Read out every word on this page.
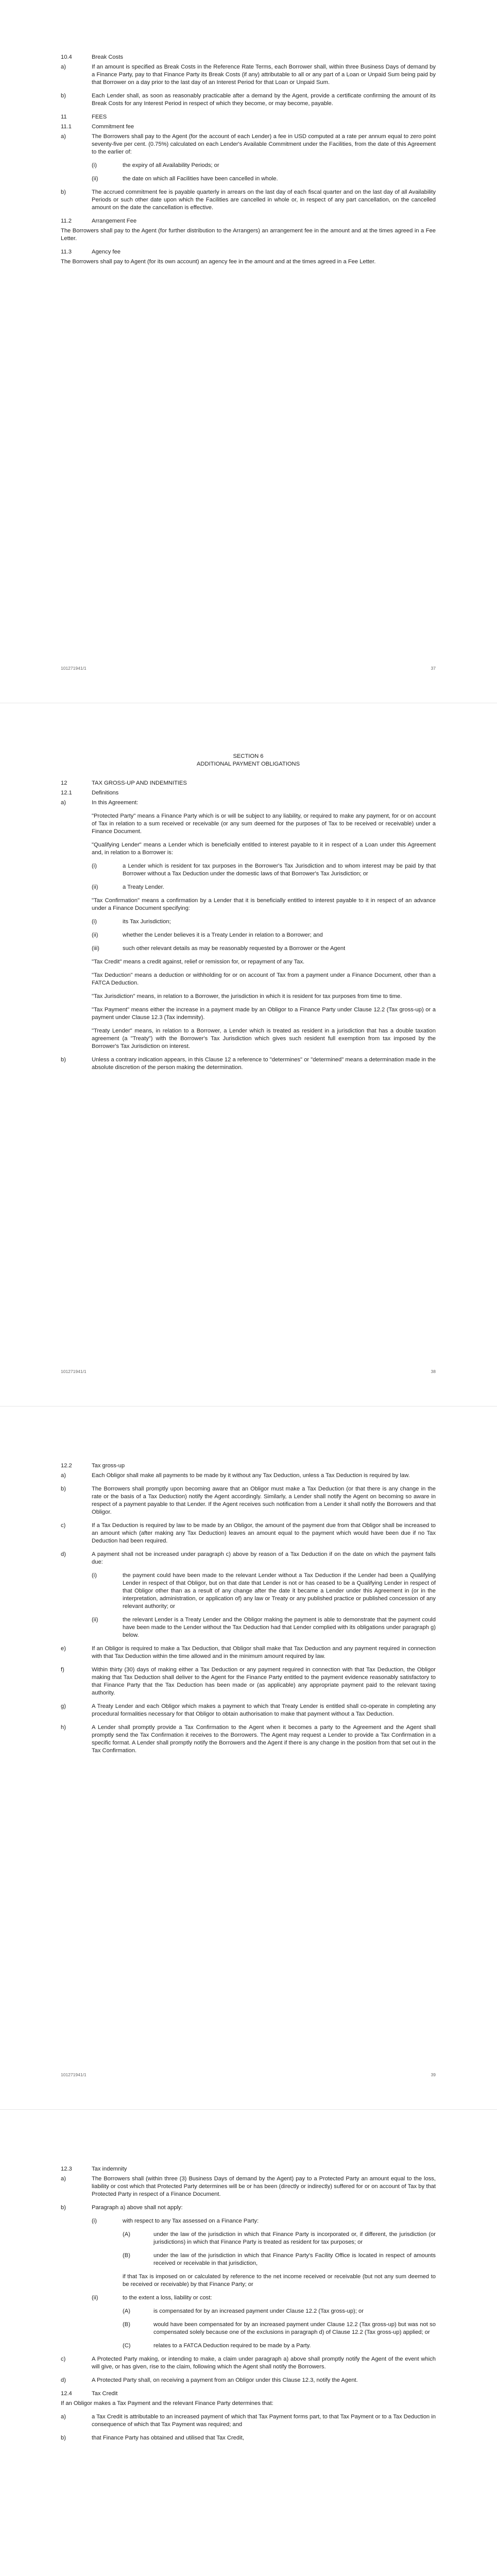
10.4	Break Costs
a)	If an amount is specified as Break Costs in the Reference Rate Terms, each Borrower shall, within three Business Days of demand by a Finance Party, pay to that Finance Party its Break Costs (if any) attributable to all or any part of a Loan or Unpaid Sum being paid by that Borrower on a day prior to the last day of an Interest Period for that Loan or Unpaid Sum.
b)	Each Lender shall, as soon as reasonably practicable after a demand by the Agent, provide a certificate confirming the amount of its Break Costs for any Interest Period in respect of which they become, or may become, payable.
11	FEES
11.1	Commitment fee
a)	The Borrowers shall pay to the Agent (for the account of each Lender) a fee in USD computed at a rate per annum equal to zero point seventy-five per cent. (0.75%) calculated on each Lender's Available Commitment under the Facilities, from the date of this Agreement to the earlier of:
(i)	the expiry of all Availability Periods; or
(ii)	the date on which all Facilities have been cancelled in whole.
b)	The accrued commitment fee is payable quarterly in arrears on the last day of each fiscal quarter and on the last day of all Availability Periods or such other date upon which the Facilities are cancelled in whole or, in respect of any part cancellation, on the cancelled amount on the date the cancellation is effective.
11.2	Arrangement Fee
The Borrowers shall pay to the Agent (for further distribution to the Arrangers) an arrangement fee in the amount and at the times agreed in a Fee Letter.
11.3	Agency fee
The Borrowers shall pay to Agent (for its own account) an agency fee in the amount and at the times agreed in a Fee Letter.
101271941/1	37
SECTION 6
ADDITIONAL PAYMENT OBLIGATIONS
12	TAX GROSS-UP AND INDEMNITIES
12.1	Definitions
a)	In this Agreement:
"Protected Party" means a Finance Party which is or will be subject to any liability, or required to make any payment, for or on account of Tax in relation to a sum received or receivable (or any sum deemed for the purposes of Tax to be received or receivable) under a Finance Document.
"Qualifying Lender" means a Lender which is beneficially entitled to interest payable to it in respect of a Loan under this Agreement and, in relation to a Borrower is:
(i)	a Lender which is resident for tax purposes in the Borrower's Tax Jurisdiction and to whom interest may be paid by that Borrower without a Tax Deduction under the domestic laws of that Borrower's Tax Jurisdiction; or
(ii)	a Treaty Lender.
"Tax Confirmation" means a confirmation by a Lender that it is beneficially entitled to interest payable to it in respect of an advance under a Finance Document specifying:
(i)	its Tax Jurisdiction;
(ii)	whether the Lender believes it is a Treaty Lender in relation to a Borrower; and
(iii)	such other relevant details as may be reasonably requested by a Borrower or the Agent
"Tax Credit" means a credit against, relief or remission for, or repayment of any Tax.
"Tax Deduction" means a deduction or withholding for or on account of Tax from a payment under a Finance Document, other than a FATCA Deduction.
"Tax Jurisdiction" means, in relation to a Borrower, the jurisdiction in which it is resident for tax purposes from time to time.
"Tax Payment" means either the increase in a payment made by an Obligor to a Finance Party under Clause 12.2 (Tax gross-up) or a payment under Clause 12.3 (Tax indemnity).
"Treaty Lender" means, in relation to a Borrower, a Lender which is treated as resident in a jurisdiction that has a double taxation agreement (a "Treaty") with the Borrower's Tax Jurisdiction which gives such resident full exemption from tax imposed by the Borrower's Tax Jurisdiction on interest.
b)	Unless a contrary indication appears, in this Clause 12 a reference to "determines" or "determined" means a determination made in the absolute discretion of the person making the determination.
101271941/1	38
12.2	Tax gross-up
a)	Each Obligor shall make all payments to be made by it without any Tax Deduction, unless a Tax Deduction is required by law.
b)	The Borrowers shall promptly upon becoming aware that an Obligor must make a Tax Deduction (or that there is any change in the rate or the basis of a Tax Deduction) notify the Agent accordingly. Similarly, a Lender shall notify the Agent on becoming so aware in respect of a payment payable to that Lender. If the Agent receives such notification from a Lender it shall notify the Borrowers and that Obligor.
c)	If a Tax Deduction is required by law to be made by an Obligor, the amount of the payment due from that Obligor shall be increased to an amount which (after making any Tax Deduction) leaves an amount equal to the payment which would have been due if no Tax Deduction had been required.
d)	A payment shall not be increased under paragraph c) above by reason of a Tax Deduction if on the date on which the payment falls due:
(i)	the payment could have been made to the relevant Lender without a Tax Deduction if the Lender had been a Qualifying Lender in respect of that Obligor, but on that date that Lender is not or has ceased to be a Qualifying Lender in respect of that Obligor other than as a result of any change after the date it became a Lender under this Agreement in (or in the interpretation, administration, or application of) any law or Treaty or any published practice or published concession of any relevant authority; or
(ii)	the relevant Lender is a Treaty Lender and the Obligor making the payment is able to demonstrate that the payment could have been made to the Lender without the Tax Deduction had that Lender complied with its obligations under paragraph g) below.
e)	If an Obligor is required to make a Tax Deduction, that Obligor shall make that Tax Deduction and any payment required in connection with that Tax Deduction within the time allowed and in the minimum amount required by law.
f)	Within thirty (30) days of making either a Tax Deduction or any payment required in connection with that Tax Deduction, the Obligor making that Tax Deduction shall deliver to the Agent for the Finance Party entitled to the payment evidence reasonably satisfactory to that Finance Party that the Tax Deduction has been made or (as applicable) any appropriate payment paid to the relevant taxing authority.
g)	A Treaty Lender and each Obligor which makes a payment to which that Treaty Lender is entitled shall co-operate in completing any procedural formalities necessary for that Obligor to obtain authorisation to make that payment without a Tax Deduction.
h)	A Lender shall promptly provide a Tax Confirmation to the Agent when it becomes a party to the Agreement and the Agent shall promptly send the Tax Confirmation it receives to the Borrowers. The Agent may request a Lender to provide a Tax Confirmation in a specific format. A Lender shall promptly notify the Borrowers and the Agent if there is any change in the position from that set out in the Tax Confirmation.
101271941/1	39
12.3	Tax indemnity
a)	The Borrowers shall (within three (3) Business Days of demand by the Agent) pay to a Protected Party an amount equal to the loss, liability or cost which that Protected Party determines will be or has been (directly or indirectly) suffered for or on account of Tax by that Protected Party in respect of a Finance Document.
b)	Paragraph a) above shall not apply:
(i)	with respect to any Tax assessed on a Finance Party:
(A)	under the law of the jurisdiction in which that Finance Party is incorporated or, if different, the jurisdiction (or jurisdictions) in which that Finance Party is treated as resident for tax purposes; or
(B)	under the law of the jurisdiction in which that Finance Party's Facility Office is located in respect of amounts received or receivable in that jurisdiction,
if that Tax is imposed on or calculated by reference to the net income received or receivable (but not any sum deemed to be received or receivable) by that Finance Party; or
(ii)	to the extent a loss, liability or cost:
(A)	is compensated for by an increased payment under Clause 12.2 (Tax gross-up); or
(B)	would have been compensated for by an increased payment under Clause 12.2 (Tax gross-up) but was not so compensated solely because one of the exclusions in paragraph d) of Clause 12.2 (Tax gross-up) applied; or
(C)	relates to a FATCA Deduction required to be made by a Party.
c)	A Protected Party making, or intending to make, a claim under paragraph a) above shall promptly notify the Agent of the event which will give, or has given, rise to the claim, following which the Agent shall notify the Borrowers.
d)	A Protected Party shall, on receiving a payment from an Obligor under this Clause 12.3, notify the Agent.
12.4	Tax Credit
If an Obligor makes a Tax Payment and the relevant Finance Party determines that:
a)	a Tax Credit is attributable to an increased payment of which that Tax Payment forms part, to that Tax Payment or to a Tax Deduction in consequence of which that Tax Payment was required; and
b)	that Finance Party has obtained and utilised that Tax Credit,
